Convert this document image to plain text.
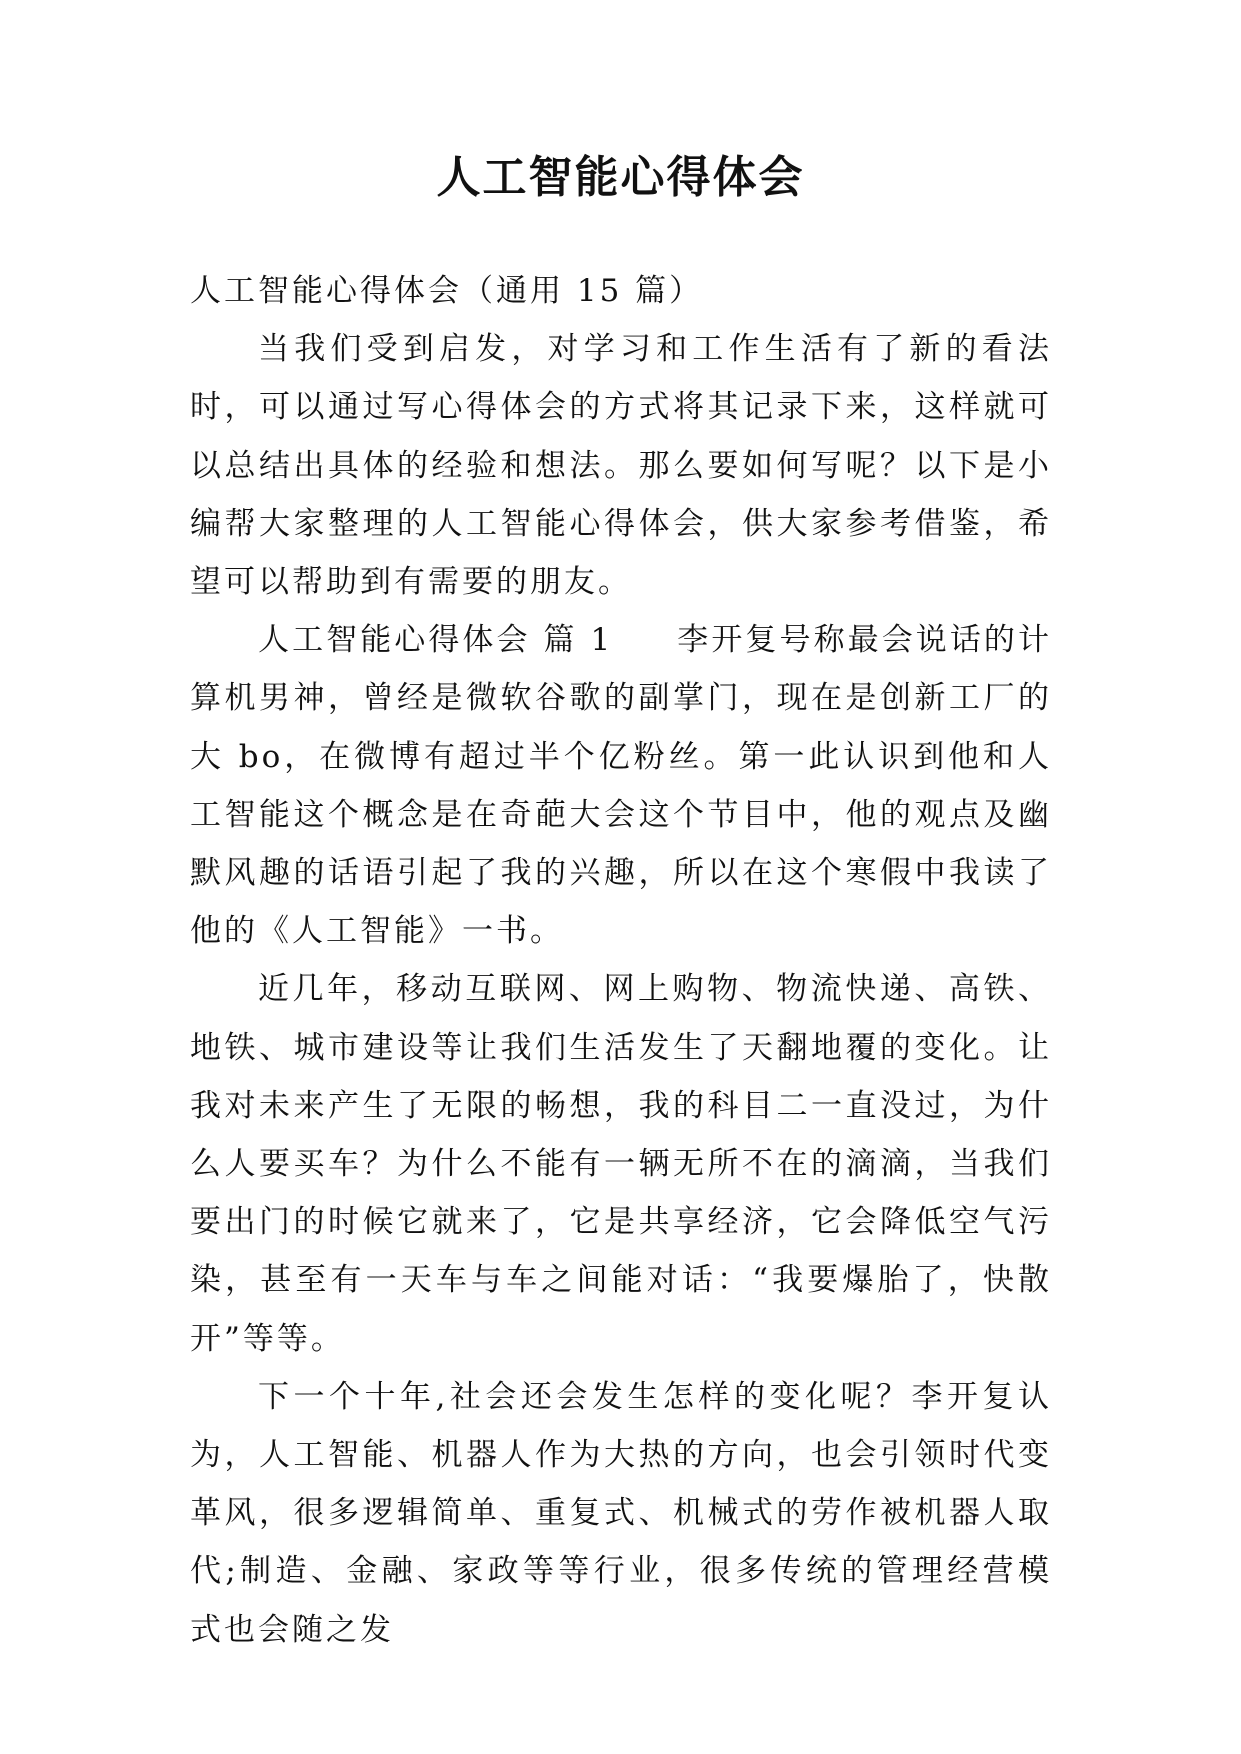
人工智能心得体会

人工智能心得体会（通用 15 篇）

当我们受到启发，对学习和工作生活有了新的看法时，可以通过写心得体会的方式将其记录下来，这样就可以总结出具体的经验和想法。那么要如何写呢？以下是小编帮大家整理的人工智能心得体会，供大家参考借鉴，希望可以帮助到有需要的朋友。

人工智能心得体会 篇 1 李开复号称最会说话的计算机男神，曾经是微软谷歌的副掌门，现在是创新工厂的大 bo，在微博有超过半个亿粉丝。第一此认识到他和人工智能这个概念是在奇葩大会这个节目中，他的观点及幽默风趣的话语引起了我的兴趣，所以在这个寒假中我读了他的《人工智能》一书。

近几年，移动互联网、网上购物、物流快递、高铁、地铁、城市建设等让我们生活发生了天翻地覆的变化。让我对未来产生了无限的畅想，我的科目二一直没过，为什么人要买车？为什么不能有一辆无所不在的滴滴，当我们要出门的时候它就来了，它是共享经济，它会降低空气污染，甚至有一天车与车之间能对话：“我要爆胎了，快散开”等等。

下一个十年,社会还会发生怎样的变化呢？李开复认为，人工智能、机器人作为大热的方向，也会引领时代变革风，很多逻辑简单、重复式、机械式的劳作被机器人取代;制造、金融、家政等等行业，很多传统的管理经营模式也会随之发
